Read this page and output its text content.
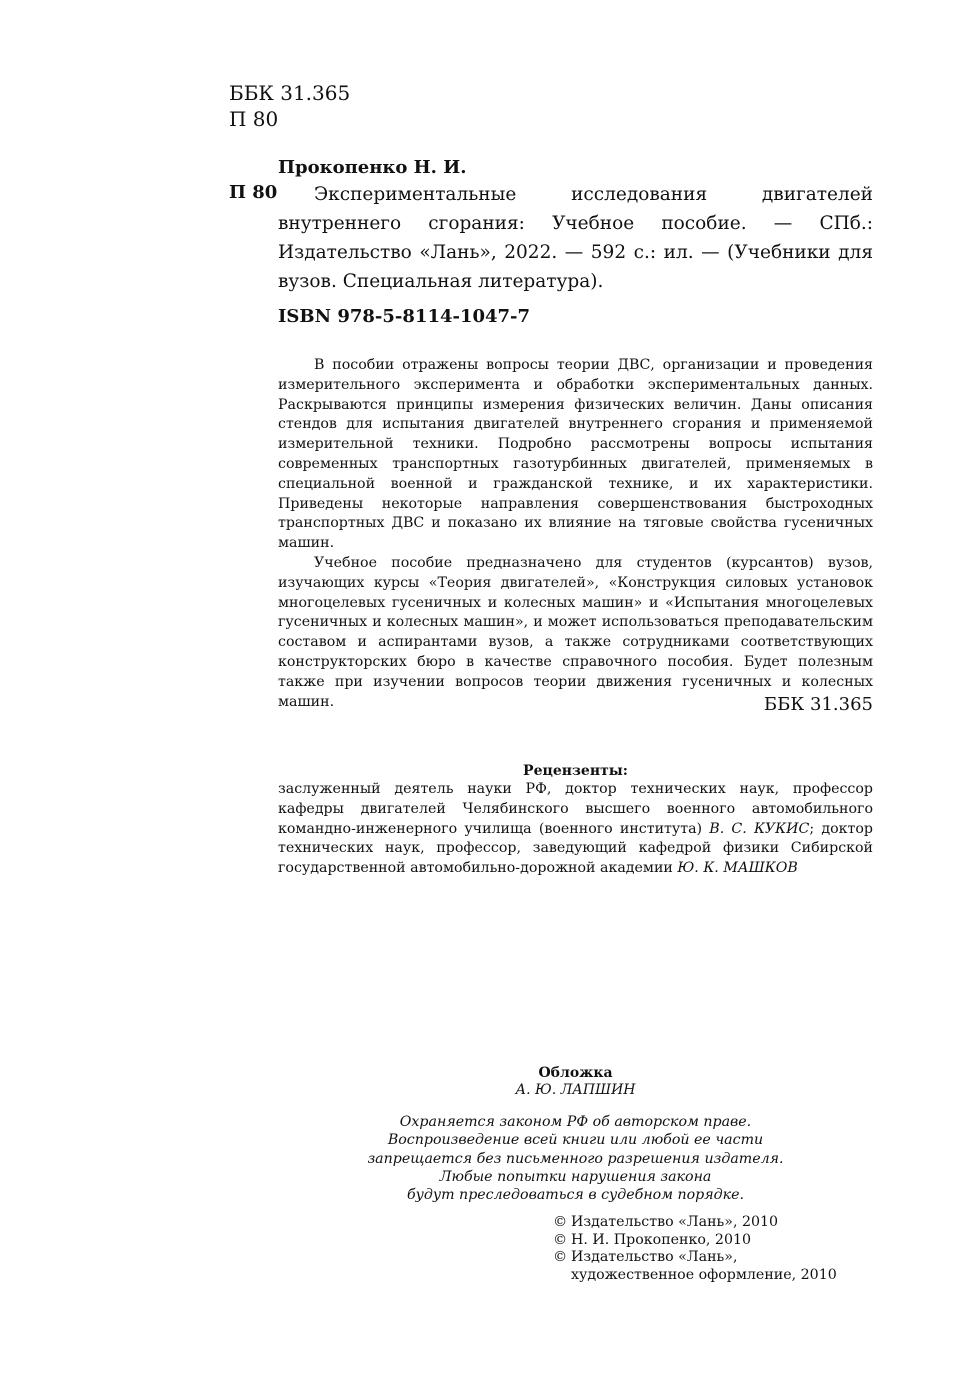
ББК 31.365
П 80
Прокопенко Н. И.
П 80	Экспериментальные исследования двигателей внутреннего сгорания: Учебное пособие. — СПб.: Издательство «Лань», 2022. — 592 с.: ил. — (Учебники для вузов. Специальная литература).
ISBN 978-5-8114-1047-7

В пособии отражены вопросы теории ДВС, организации и проведения измерительного эксперимента и обработки экспериментальных данных. Раскрываются принципы измерения физических величин. Даны описания стендов для испытания двигателей внутреннего сгорания и применяемой измерительной техники. Подробно рассмотрены вопросы испытания современных транспортных газотурбинных двигателей, применяемых в специальной военной и гражданской технике, и их характеристики. Приведены некоторые направления совершенствования быстроходных транспортных ДВС и показано их влияние на тяговые свойства гусеничных машин.

Учебное пособие предназначено для студентов (курсантов) вузов, изучающих курсы «Теория двигателей», «Конструкция силовых установок многоцелевых гусеничных и колесных машин» и «Испытания многоцелевых гусеничных и колесных машин», и может использоваться преподавательским составом и аспирантами вузов, а также сотрудниками соответствующих конструкторских бюро в качестве справочного пособия. Будет полезным также при изучении вопросов теории движения гусеничных и колесных машин.	ББК 31.365
Рецензенты:
заслуженный деятель науки РФ, доктор технических наук, профессор кафедры двигателей Челябинского высшего военного автомобильного командно-инженерного училища (военного института) В. С. КУКИС; доктор технических наук, профессор, заведующий кафедрой физики Сибирской государственной автомобильно-дорожной академии Ю. К. МАШКОВ
Обложка
А. Ю. ЛАПШИН
Охраняется законом РФ об авторском праве.
Воспроизведение всей книги или любой ее части
запрещается без письменного разрешения издателя.
Любые попытки нарушения закона
будут преследоваться в судебном порядке.
© Издательство «Лань», 2010
© Н. И. Прокопенко, 2010
© Издательство «Лань»,
художественное оформление, 2010
